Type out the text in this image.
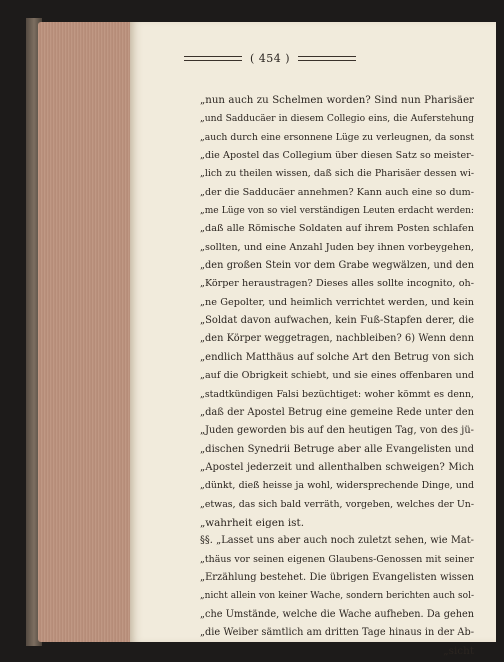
( 454 )
„nun auch zu Schelmen worden? Sind nun Pharisäer
„und Sadducäer in diesem Collegio eins, die Auferstehung
„auch durch eine ersonnene Lüge zu verleugnen, da sonst
„die Apostel das Collegium über diesen Satz so meister-
„lich zu theilen wissen, daß sich die Pharisäer dessen wi-
„der die Sadducäer annehmen? Kann auch eine so dum-
„me Lüge von so viel verständigen Leuten erdacht werden:
„daß alle Römische Soldaten auf ihrem Posten schlafen
„sollten, und eine Anzahl Juden bey ihnen vorbeygehen,
„den großen Stein vor dem Grabe wegwälzen, und den
„Körper heraustragen? Dieses alles sollte incognito, oh-
„ne Gepolter, und heimlich verrichtet werden, und kein
„Soldat davon aufwachen, kein Fuß-Stapfen derer, die
„den Körper weggetragen, nachbleiben? 6) Wenn denn
„endlich Matthäus auf solche Art den Betrug von sich
„auf die Obrigkeit schiebt, und sie eines offenbaren und
„stadtkündigen Falsi bezüchtiget: woher kömmt es denn,
„daß der Apostel Betrug eine gemeine Rede unter den
„Juden geworden bis auf den heutigen Tag, von des jü-
„dischen Synedrii Betruge aber alle Evangelisten und
„Apostel jederzeit und allenthalben schweigen? Mich
„dünkt, dieß heisse ja wohl, widersprechende Dinge, und
„etwas, das sich bald verräth, vorgeben, welches der Un-
„wahrheit eigen ist.
§§. „Lasset uns aber auch noch zuletzt sehen, wie Mat-
„thäus vor seinen eigenen Glaubens-Genossen mit seiner
„Erzählung bestehet. Die übrigen Evangelisten wissen
„nicht allein von keiner Wache, sondern berichten auch sol-
„che Umstände, welche die Wache aufheben. Da gehen
„die Weiber sämtlich am dritten Tage hinaus in der Ab-
„sicht
